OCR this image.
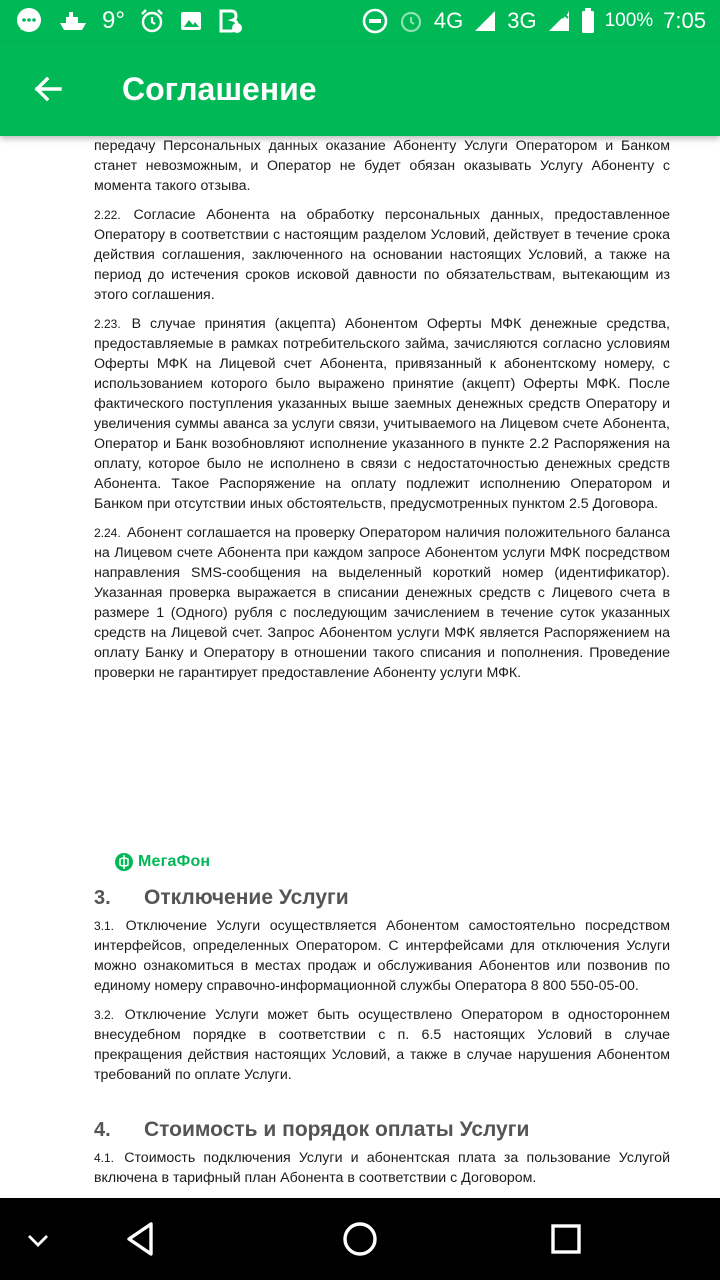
9°	4G 3G	100% 7:05
Соглашение

передачу Персональных данных оказание Абоненту Услуги Оператором и Банком станет невозможным, и Оператор не будет обязан оказывать Услугу Абоненту с момента такого отзыва.

2.22. Согласие Абонента на обработку персональных данных, предоставленное Оператору в соответствии с настоящим разделом Условий, действует в течение срока действия соглашения, заключенного на основании настоящих Условий, а также на период до истечения сроков исковой давности по обязательствам, вытекающим из этого соглашения.

2.23. В случае принятия (акцепта) Абонентом Оферты МФК денежные средства, предоставляемые в рамках потребительского займа, зачисляются согласно условиям Оферты МФК на Лицевой счет Абонента, привязанный к абонентскому номеру, с использованием которого было выражено принятие (акцепт) Оферты МФК. После фактического поступления указанных выше заемных денежных средств Оператору и увеличения суммы аванса за услуги связи, учитываемого на Лицевом счете Абонента, Оператор и Банк возобновляют исполнение указанного в пункте 2.2 Распоряжения на оплату, которое было не исполнено в связи с недостаточностью денежных средств Абонента. Такое Распоряжение на оплату подлежит исполнению Оператором и Банком при отсутствии иных обстоятельств, предусмотренных пунктом 2.5 Договора.

2.24. Абонент соглашается на проверку Оператором наличия положительного баланса на Лицевом счете Абонента при каждом запросе Абонентом услуги МФК посредством направления SMS-сообщения на выделенный короткий номер (идентификатор). Указанная проверка выражается в списании денежных средств с Лицевого счета в размере 1 (Одного) рубля с последующим зачислением в течение суток указанных средств на Лицевой счет. Запрос Абонентом услуги МФК является Распоряжением на оплату Банку и Оператору в отношении такого списания и пополнения. Проведение проверки не гарантирует предоставление Абоненту услуги МФК.

МегаФон
3.	Отключение Услуги

3.1. Отключение Услуги осуществляется Абонентом самостоятельно посредством интерфейсов, определенных Оператором. С интерфейсами для отключения Услуги можно ознакомиться в местах продаж и обслуживания Абонентов или позвонив по единому номеру справочно-информационной службы Оператора 8 800 550-05-00.

3.2. Отключение Услуги может быть осуществлено Оператором в одностороннем внесудебном порядке в соответствии с п. 6.5 настоящих Условий в случае прекращения действия настоящих Условий, а также в случае нарушения Абонентом требований по оплате Услуги.

4.	Стоимость и порядок оплаты Услуги

4.1. Стоимость подключения Услуги и абонентская плата за пользование Услугой включена в тарифный план Абонента в соответствии с Договором.
